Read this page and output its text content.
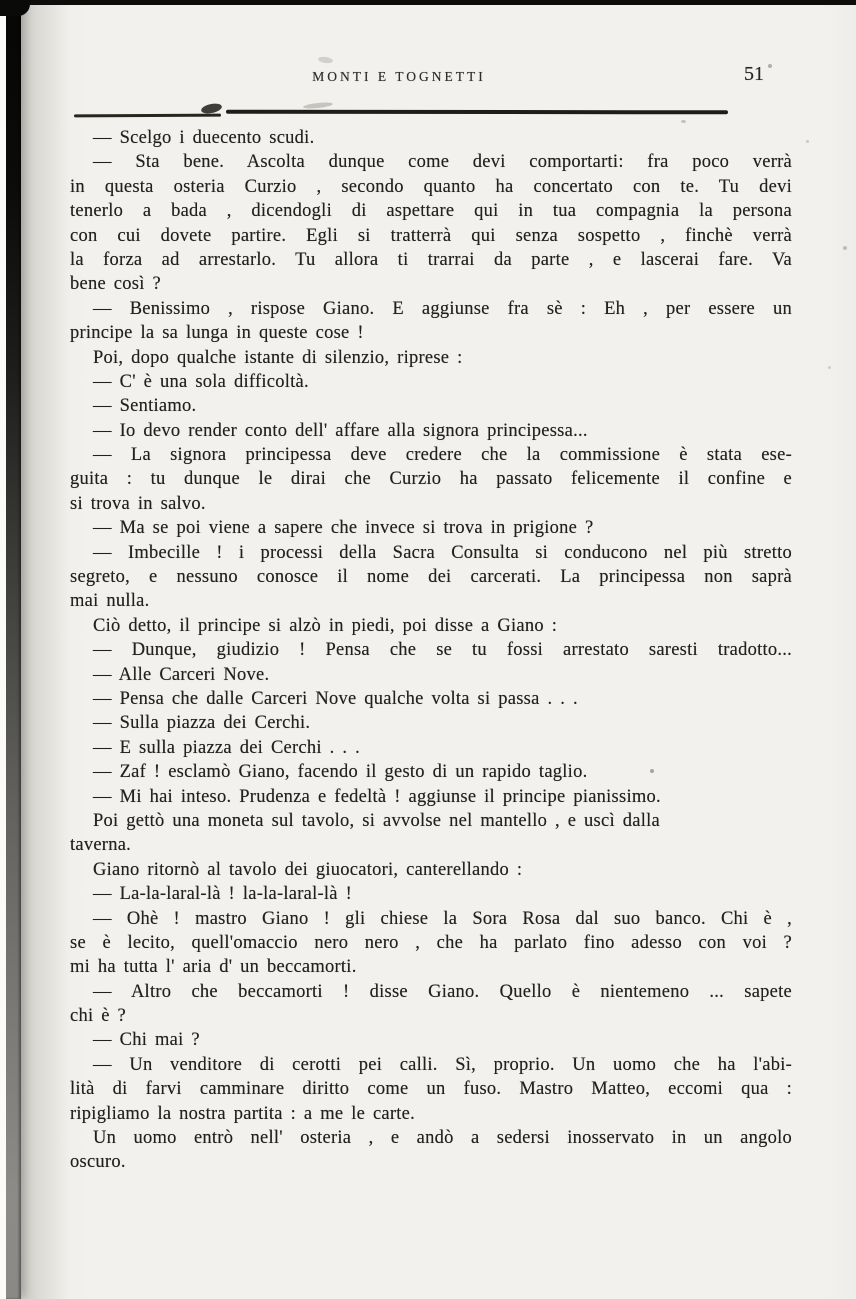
MONTI E TOGNETTI	51
— Scelgo i duecento scudi.
— Sta bene. Ascolta dunque come devi comportarti: fra poco verrà
in questa osteria Curzio , secondo quanto ha concertato con te. Tu devi
tenerlo a bada , dicendogli di aspettare qui in tua compagnia la persona
con cui dovete partire. Egli si tratterrà qui senza sospetto , finchè verrà
la forza ad arrestarlo. Tu allora ti trarrai da parte , e lascerai fare. Va
bene così ?
— Benissimo , rispose Giano. E aggiunse fra sè : Eh , per essere un
principe la sa lunga in queste cose !
Poi, dopo qualche istante di silenzio, riprese :
— C' è una sola difficoltà.
— Sentiamo.
— Io devo render conto dell' affare alla signora principessa...
— La signora principessa deve credere che la commissione è stata ese-
guita : tu dunque le dirai che Curzio ha passato felicemente il confine e
si trova in salvo.
— Ma se poi viene a sapere che invece si trova in prigione ?
— Imbecille ! i processi della Sacra Consulta si conducono nel più stretto
segreto, e nessuno conosce il nome dei carcerati. La principessa non saprà
mai nulla.
Ciò detto, il principe si alzò in piedi, poi disse a Giano :
— Dunque, giudizio ! Pensa che se tu fossi arrestato saresti tradotto...
— Alle Carceri Nove.
— Pensa che dalle Carceri Nove qualche volta si passa . . .
— Sulla piazza dei Cerchi.
— E sulla piazza dei Cerchi . . .
— Zaf ! esclamò Giano, facendo il gesto di un rapido taglio.
— Mi hai inteso. Prudenza e fedeltà ! aggiunse il principe pianissimo.
Poi gettò una moneta sul tavolo, si avvolse nel mantello , e uscì dalla
taverna.
Giano ritornò al tavolo dei giuocatori, canterellando :
— La-la-laral-là ! la-la-laral-là !
— Ohè ! mastro Giano ! gli chiese la Sora Rosa dal suo banco. Chi è ,
se è lecito, quell'omaccio nero nero , che ha parlato fino adesso con voi ?
mi ha tutta l' aria d' un beccamorti.
— Altro che beccamorti ! disse Giano. Quello è nientemeno ... sapete
chi è ?
— Chi mai ?
— Un venditore di cerotti pei calli. Sì, proprio. Un uomo che ha l'abi-
lità di farvi camminare diritto come un fuso. Mastro Matteo, eccomi qua :
ripigliamo la nostra partita : a me le carte.
Un uomo entrò nell' osteria , e andò a sedersi inosservato in un angolo
oscuro.
